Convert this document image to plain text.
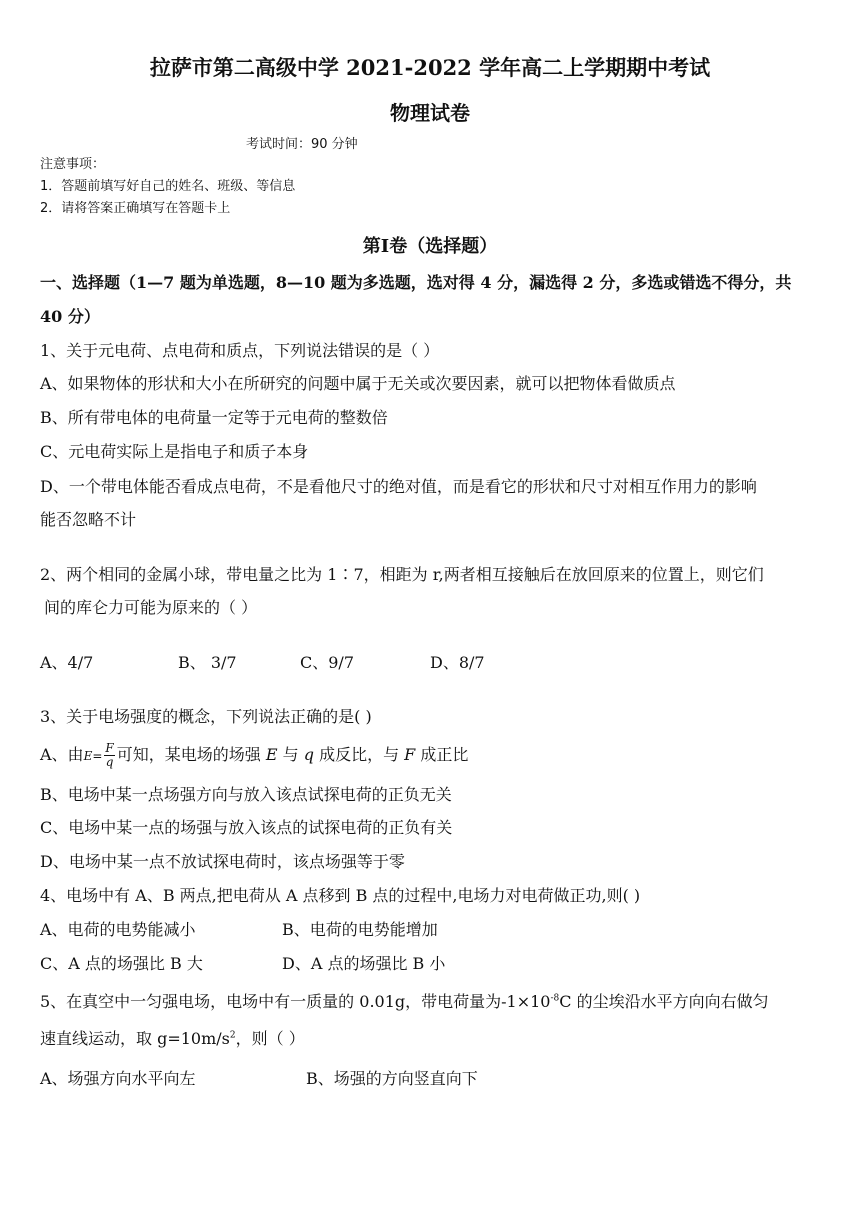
拉萨市第二高级中学 2021-2022 学年高二上学期期中考试
物理试卷
考试时间：90 分钟
注意事项：
1．答题前填写好自己的姓名、班级、等信息
2．请将答案正确填写在答题卡上
第Ⅰ卷（选择题）
一、选择题（1—7 题为单选题，8—10 题为多选题，选对得 4 分，漏选得 2 分，多选或错选不得分，共
40 分）
1、关于元电荷、点电荷和质点，下列说法错误的是（ ）
A、如果物体的形状和大小在所研究的问题中属于无关或次要因素，就可以把物体看做质点
B、所有带电体的电荷量一定等于元电荷的整数倍
C、元电荷实际上是指电子和质子本身
D、一个带电体能否看成点电荷，不是看他尺寸的绝对值，而是看它的形状和尺寸对相互作用力的影响
能否忽略不计
2、两个相同的金属小球，带电量之比为 1∶7，相距为 r,两者相互接触后在放回原来的位置上，则它们
间的库仑力可能为原来的（ ）
A、4/7	B、 3/7	C、9/7	D、8/7
3、关于电场强度的概念，下列说法正确的是( )
A、由$E= \frac{F}{q}$ 可知，某电场的场强 E 与 q 成反比，与 F 成正比
B、电场中某一点场强方向与放入该点试探电荷的正负无关
C、电场中某一点的场强与放入该点的试探电荷的正负有关
D、电场中某一点不放试探电荷时，该点场强等于零
4、电场中有 A、B 两点,把电荷从 A 点移到 B 点的过程中,电场力对电荷做正功,则( )
A、电荷的电势能减小	B、电荷的电势能增加
C、A 点的场强比 B 大	D、A 点的场强比 B 小
5、在真空中一匀强电场，电场中有一质量的 0.01g，带电荷量为$-1\times 10^{-8}C$ 的尘埃沿水平方向向右做匀
速直线运动，取 $g=10m/s^2$，则（ ）
A、场强方向水平向左	B、场强的方向竖直向下
